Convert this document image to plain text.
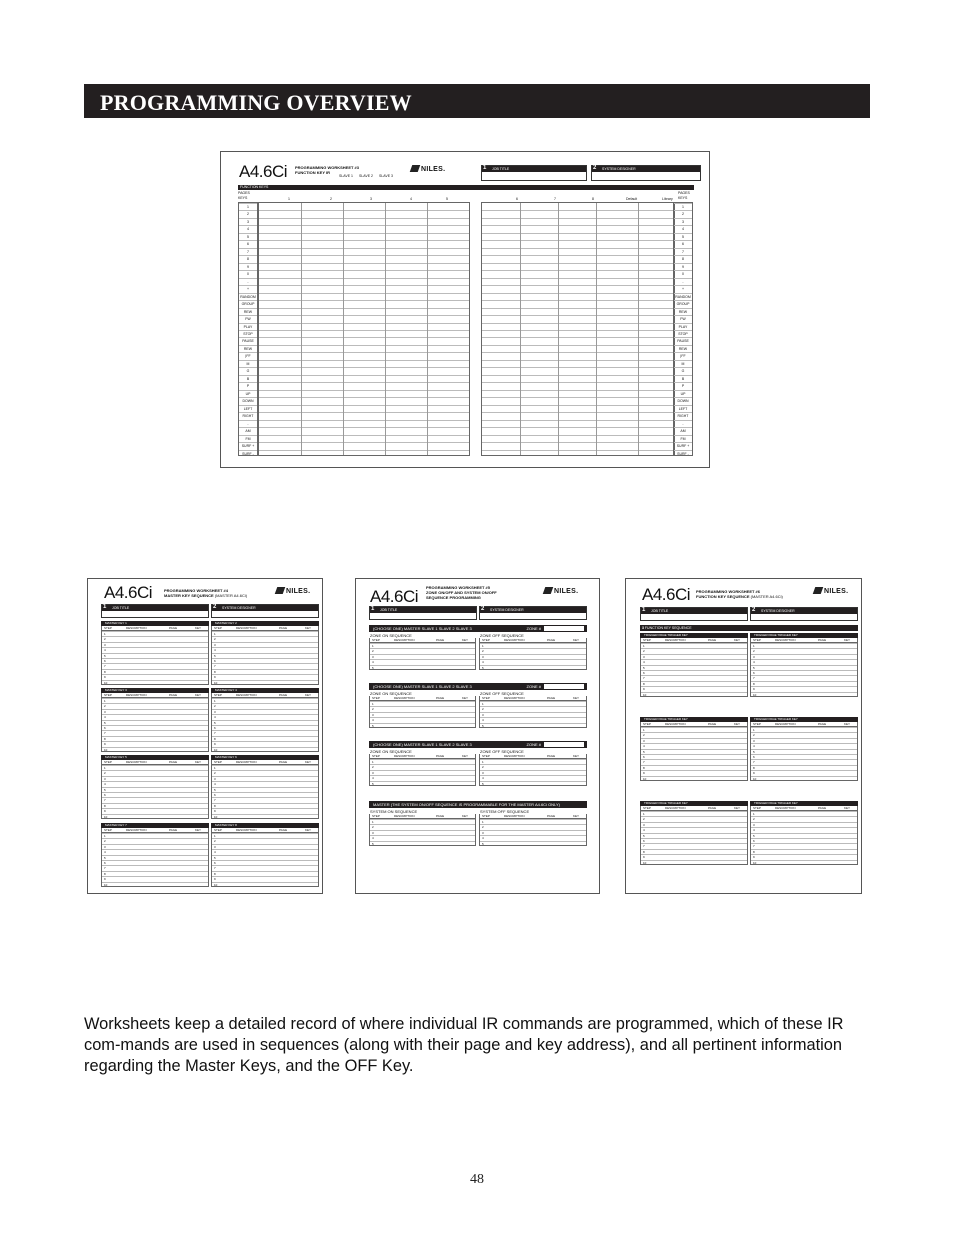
PROGRAMMING OVERVIEW
A4.6Ci PROGRAMMING WORKSHEET #3
FUNCTION KEY IR
SLAVE 1 SLAVE 2 SLAVE 3
NILES.	1 JOB TITLE	2 SYSTEM DESIGNER
FUNCTION KEYS
PAGES
KEYS	1	2	3	4	5	6	7	8	Default	Library
PAGES
KEYS
1
2
3
4
5
6
7
8
9
0
-
+
RANDOM
GROUP
REW
FW
PLAY
STOP
PAUSE
REW
|FF
M
G
B
P
UP
DOWN
LEFT
RIGHT
-
AM
FM
SURF +
SURF -
1
2
3
4
5
6
7
8
9
0
-
+
RANDOM
GROUP
REW
FW
PLAY
STOP
PAUSE
REW
|FF
M
G
B
P
UP
DOWN
LEFT
RIGHT
-
AM
FM
SURF +
SURF -
A4.6Ci	PROGRAMMING WORKSHEET #4
MASTER KEY SEQUENCE (MASTER A4.6Ci)
NILES.
1 JOB TITLE	2 SYSTEM DESIGNER
MASTER KEY 1
STEP	DESCRIPTION	PAGE	KEY
1
2
3
4
5
6
7
8
9
10
MASTER KEY 2
STEP	DESCRIPTION	PAGE	KEY
1
2
3
4
5
6
7
8
9
10
MASTER KEY 3
STEP	DESCRIPTION	PAGE	KEY
1
2
3
4
5
6
7
8
9
10
MASTER KEY 4
STEP	DESCRIPTION	PAGE	KEY
1
2
3
4
5
6
7
8
9
10
MASTER KEY 5
STEP	DESCRIPTION	PAGE	KEY
1
2
3
4
5
6
7
8
9
10
MASTER KEY 6
STEP	DESCRIPTION	PAGE	KEY
1
2
3
4
5
6
7
8
9
10
MASTER KEY 7
STEP	DESCRIPTION	PAGE	KEY
1
2
3
4
5
6
7
8
9
10
MASTER KEY 8
STEP	DESCRIPTION	PAGE	KEY
1
2
3
4
5
6
7
8
9
10
A4.6Ci PROGRAMMING WORKSHEET #5
ZONE ON/OFF AND SYSTEM ON/OFF
SEQUENCE PROGRAMMING
NILES.
1 JOB TITLE	2 SYSTEM DESIGNER
(CHOOSE ONE) MASTER SLAVE 1 SLAVE 2 SLAVE 3	ZONE #
ZONE ON SEQUENCE	ZONE OFF SEQUENCE
STEP	DESCRIPTION	PAGE	KEY
1
2
3
4
5
STEP	DESCRIPTION	PAGE	KEY
1
2
3
4
5
(CHOOSE ONE) MASTER SLAVE 1 SLAVE 2 SLAVE 3	ZONE #
ZONE ON SEQUENCE	ZONE OFF SEQUENCE
STEP	DESCRIPTION	PAGE	KEY
1
2
3
4
5
STEP	DESCRIPTION	PAGE	KEY
1
2
3
4
5
(CHOOSE ONE) MASTER SLAVE 1 SLAVE 2 SLAVE 3	ZONE #
ZONE ON SEQUENCE	ZONE OFF SEQUENCE
STEP	DESCRIPTION	PAGE	KEY
1
2
3
4
5
STEP	DESCRIPTION	PAGE	KEY
1
2
3
4
5
MASTER (THE SYSTEM ON/OFF SEQUENCE IS PROGRAMMABLE FOR THE MASTER A4.6Ci ONLY)
SYSTEM ON SEQUENCE	SYSTEM OFF SEQUENCE
STEP	DESCRIPTION	PAGE	KEY
1
2
3
4
5
STEP	DESCRIPTION	PAGE	KEY
1
2
3
4
5
A4.6Ci PROGRAMMING WORKSHEET #6
FUNCTION KEY SEQUENCE (MASTER A4.6Ci)
NILES.
1 JOB TITLE	2 SYSTEM DESIGNER
3 FUNCTION KEY SEQUENCE
TRIGGER PAGE TRIGGER KEY
STEP	DESCRIPTION	PAGE	KEY
1
2
3
4
5
6
7
8
9
10
TRIGGER PAGE TRIGGER KEY
STEP	DESCRIPTION	PAGE	KEY
1
2
3
4
5
6
7
8
9
10
TRIGGER PAGE TRIGGER KEY
STEP	DESCRIPTION	PAGE	KEY
1
2
3
4
5
6
7
8
9
10
TRIGGER PAGE TRIGGER KEY
STEP	DESCRIPTION	PAGE	KEY
1
2
3
4
5
6
7
8
9
10
TRIGGER PAGE TRIGGER KEY
STEP	DESCRIPTION	PAGE	KEY
1
2
3
4
5
6
7
8
9
10
TRIGGER PAGE TRIGGER KEY
STEP	DESCRIPTION	PAGE	KEY
1
2
3
4
5
6
7
8
9
10
Worksheets keep a detailed record of where individual IR commands are programmed, which of these IR com-mands are used in sequences (along with their page and key address), and all pertinent information regarding the Master Keys, and the OFF Key.
48
